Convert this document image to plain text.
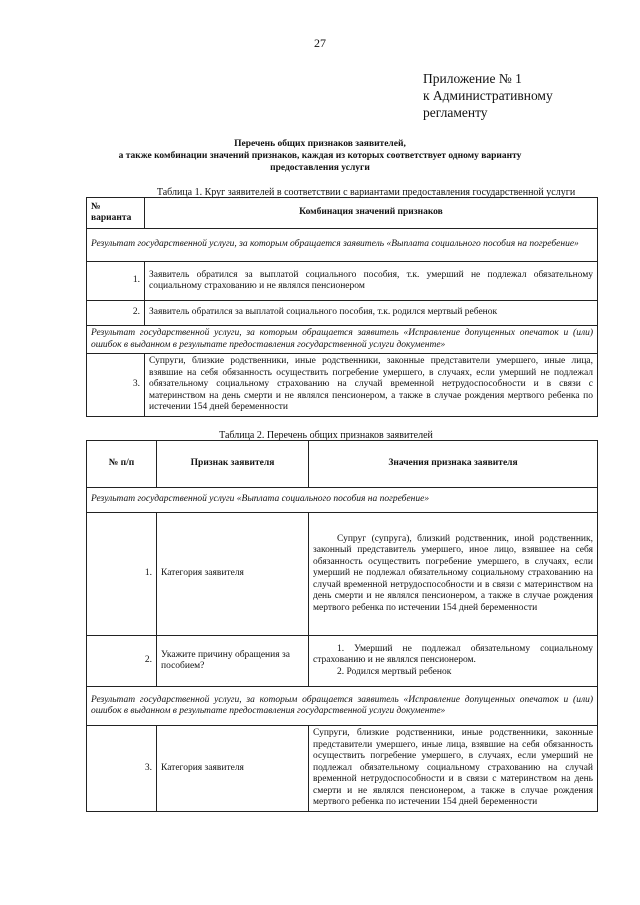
27
Приложение № 1
к Административному
регламенту
Перечень общих признаков заявителей,
а также комбинации значений признаков, каждая из которых соответствует одному варианту
предоставления услуги
Таблица 1. Круг заявителей в соответствии с вариантами предоставления государственной услуги
№ варианта	Комбинация значений признаков
Результат государственной услуги, за которым обращается заявитель «Выплата социального пособия на погребение»	
1.	Заявитель обратился за выплатой социального пособия, т.к. умерший не подлежал обязательному социальному страхованию и не являлся пенсионером
2.	Заявитель обратился за выплатой социального пособия, т.к. родился мертвый ребенок
Результат государственной услуги, за которым обращается заявитель «Исправление допущенных опечаток и (или) ошибок в выданном в результате предоставления государственной услуги документе»	
3.	Супруги, близкие родственники, иные родственники, законные представители умершего, иные лица, взявшие на себя обязанность осуществить погребение умершего, в случаях, если умерший не подлежал обязательному социальному страхованию на случай временной нетрудоспособности и в связи с материнством на день смерти и не являлся пенсионером, а также в случае рождения мертвого ребенка по истечении 154 дней беременности
Таблица 2. Перечень общих признаков заявителей
№ п/п	Признак заявителя	Значения признака заявителя
Результат государственной услуги «Выплата социального пособия на погребение»		
1.	Категория заявителя	Супруг (супруга), близкий родственник, иной родственник, законный представитель умершего, иное лицо, взявшее на себя обязанность осуществить погребение умершего, в случаях, если умерший не подлежал обязательному социальному страхованию на случай временной нетрудоспособности и в связи с материнством на день смерти и не являлся пенсионером, а также в случае рождения мертвого ребенка по истечении 154 дней беременности
2.	Укажите причину обращения за пособием?	1. Умерший не подлежал обязательному социальному страхованию и не являлся пенсионером.
2. Родился мертвый ребенок

Результат государственной услуги, за которым обращается заявитель «Исправление допущенных опечаток и (или) ошибок в выданном в результате предоставления государственной услуги документе»		
3.	Категория заявителя	Супруги, близкие родственники, иные родственники, законные представители умершего, иные лица, взявшие на себя обязанность осуществить погребение умершего, в случаях, если умерший не подлежал обязательному социальному страхованию на случай временной нетрудоспособности и в связи с материнством на день смерти и не являлся пенсионером, а также в случае рождения мертвого ребенка по истечении 154 дней беременности
